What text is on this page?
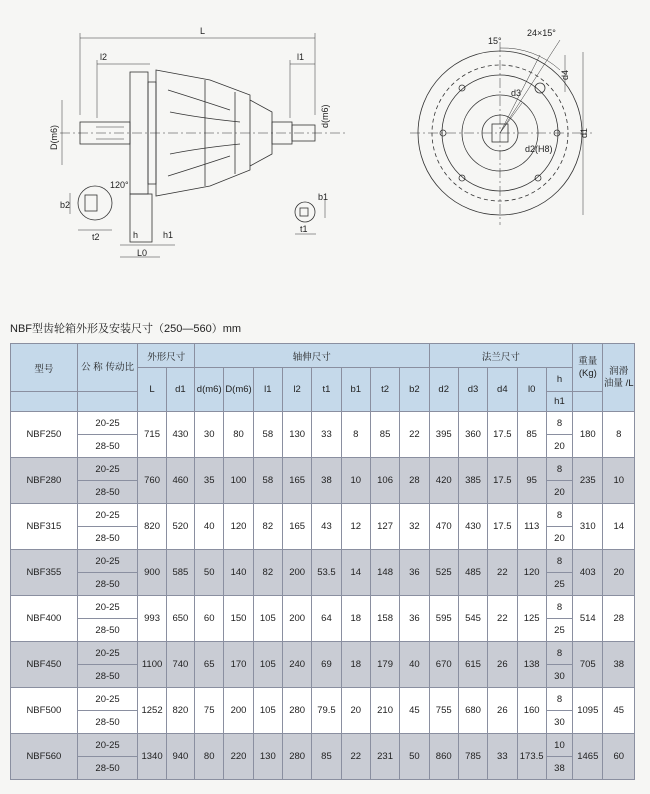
L
l2	l1
D(m6)
d(m6)
120°
b2
t2	h	h1
L0
b1
t1
15°
24×15°
d4
d3
d1
d2(H8)
NBF型齿轮箱外形及安装尺寸（250—560）mm
型号	公 称 传动比	外形尺寸		轴伸尺寸								法兰尺寸					重量 (Kg)	润滑 油量 /L
		L	d1	d(m6)	D(m6)	l1	l2	t1	b1	t2	b2	d2	d3	d4	l0	h		
																h1		
NBF250	20-25	715	430	30	80	58	130	33	8	85	22	395	360	17.5	85	8	180	8
	28-50															20		
NBF280	20-25	760	460	35	100	58	165	38	10	106	28	420	385	17.5	95	8	235	10
	28-50															20		
NBF315	20-25	820	520	40	120	82	165	43	12	127	32	470	430	17.5	113	8	310	14
	28-50															20		
NBF355	20-25	900	585	50	140	82	200	53.5	14	148	36	525	485	22	120	8	403	20
	28-50															25		
NBF400	20-25	993	650	60	150	105	200	64	18	158	36	595	545	22	125	8	514	28
	28-50															25		
NBF450	20-25	1100	740	65	170	105	240	69	18	179	40	670	615	26	138	8	705	38
	28-50															30		
NBF500	20-25	1252	820	75	200	105	280	79.5	20	210	45	755	680	26	160	8	1095	45
	28-50															30		
NBF560	20-25	1340	940	80	220	130	280	85	22	231	50	860	785	33	173.5	10	1465	60
	28-50															38		
